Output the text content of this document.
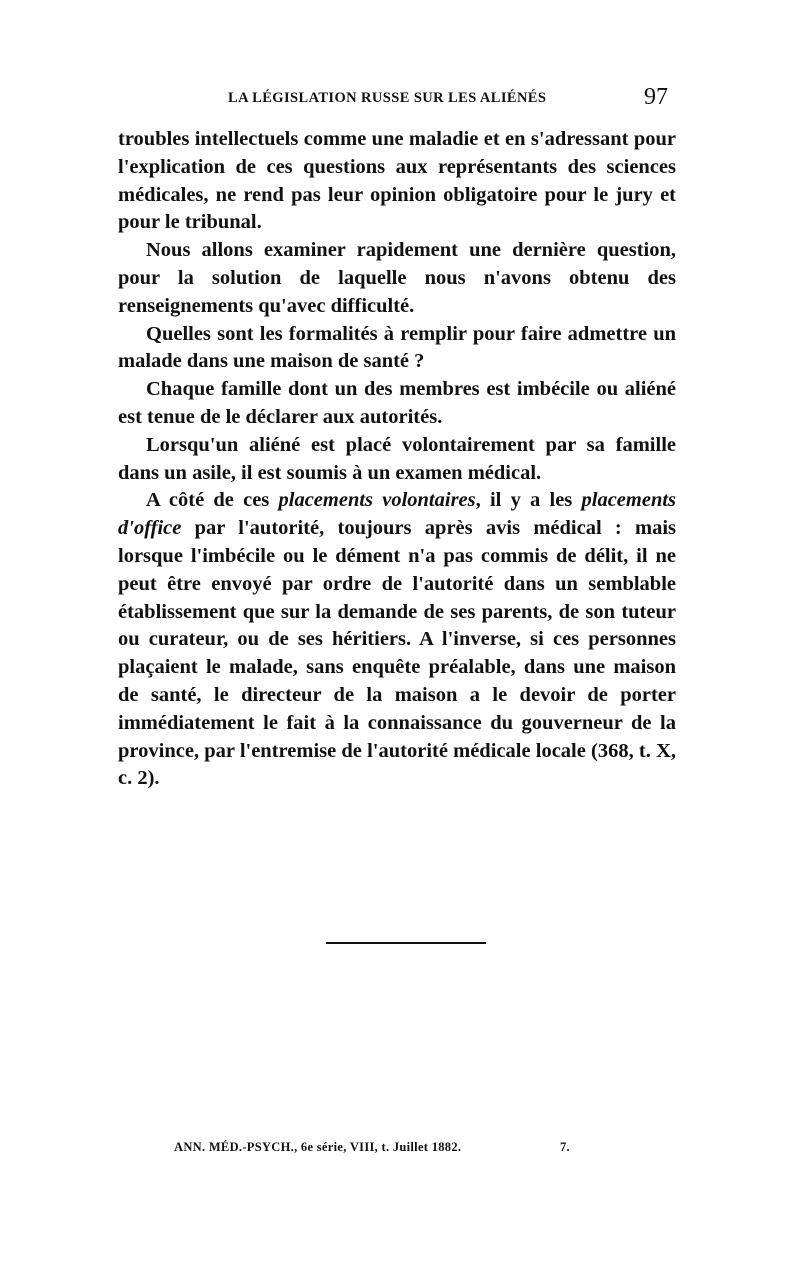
LA LÉGISLATION RUSSE SUR LES ALIÉNÉS	97

troubles intellectuels comme une maladie et en s'adressant pour l'explication de ces questions aux représentants des sciences médicales, ne rend pas leur opinion obligatoire pour le jury et pour le tribunal.

Nous allons examiner rapidement une dernière question, pour la solution de laquelle nous n'avons obtenu des renseignements qu'avec difficulté.

Quelles sont les formalités à remplir pour faire admettre un malade dans une maison de santé ?

Chaque famille dont un des membres est imbécile ou aliéné est tenue de le déclarer aux autorités.

Lorsqu'un aliéné est placé volontairement par sa famille dans un asile, il est soumis à un examen médical.

A côté de ces placements volontaires, il y a les placements d'office par l'autorité, toujours après avis médical : mais lorsque l'imbécile ou le dément n'a pas commis de délit, il ne peut être envoyé par ordre de l'autorité dans un semblable établissement que sur la demande de ses parents, de son tuteur ou curateur, ou de ses héritiers. A l'inverse, si ces personnes plaçaient le malade, sans enquête préalable, dans une maison de santé, le directeur de la maison a le devoir de porter immédiatement le fait à la connaissance du gouverneur de la province, par l'entremise de l'autorité médicale locale (368, t. X, c. 2).

ANN. MÉD.-PSYCH., 6e série, VIII, t. Juillet 1882.	7.
